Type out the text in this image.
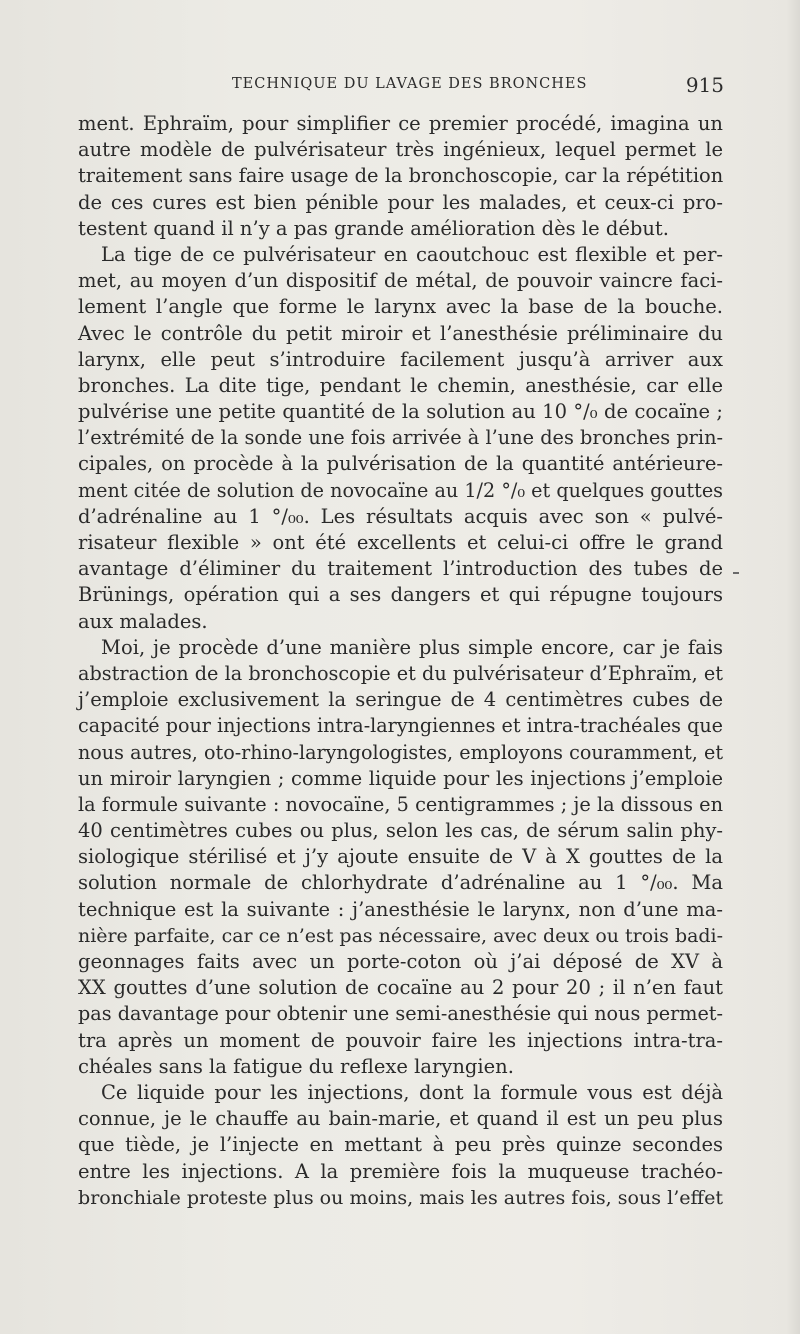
TECHNIQUE DU LAVAGE DES BRONCHES	915
ment. Ephraïm, pour simplifier ce premier procédé, imagina un
autre modèle de pulvérisateur très ingénieux, lequel permet le
traitement sans faire usage de la bronchoscopie, car la répétition
de ces cures est bien pénible pour les malades, et ceux-ci pro-
testent quand il n’y a pas grande amélioration dès le début.
La tige de ce pulvérisateur en caoutchouc est flexible et per-
met, au moyen d’un dispositif de métal, de pouvoir vaincre faci-
lement l’angle que forme le larynx avec la base de la bouche.
Avec le contrôle du petit miroir et l’anesthésie préliminaire du
larynx, elle peut s’introduire facilement jusqu’à arriver aux
bronches. La dite tige, pendant le chemin, anesthésie, car elle
pulvérise une petite quantité de la solution au 10 °/₀ de cocaïne ;
l’extrémité de la sonde une fois arrivée à l’une des bronches prin-
cipales, on procède à la pulvérisation de la quantité antérieure-
ment citée de solution de novocaïne au 1/2 °/₀ et quelques gouttes
d’adrénaline au 1 °/₀₀. Les résultats acquis avec son « pulvé-
risateur flexible » ont été excellents et celui-ci offre le grand
avantage d’éliminer du traitement l’introduction des tubes de
Brünings, opération qui a ses dangers et qui répugne toujours
aux malades.
Moi, je procède d’une manière plus simple encore, car je fais
abstraction de la bronchoscopie et du pulvérisateur d’Ephraïm, et
j’emploie exclusivement la seringue de 4 centimètres cubes de
capacité pour injections intra-laryngiennes et intra-trachéales que
nous autres, oto-rhino-laryngologistes, employons couramment, et
un miroir laryngien ; comme liquide pour les injections j’emploie
la formule suivante : novocaïne, 5 centigrammes ; je la dissous en
40 centimètres cubes ou plus, selon les cas, de sérum salin phy-
siologique stérilisé et j’y ajoute ensuite de V à X gouttes de la
solution normale de chlorhydrate d’adrénaline au 1 °/₀₀. Ma
technique est la suivante : j’anesthésie le larynx, non d’une ma-
nière parfaite, car ce n’est pas nécessaire, avec deux ou trois badi-
geonnages faits avec un porte-coton où j’ai déposé de XV à
XX gouttes d’une solution de cocaïne au 2 pour 20 ; il n’en faut
pas davantage pour obtenir une semi-anesthésie qui nous permet-
tra après un moment de pouvoir faire les injections intra-tra-
chéales sans la fatigue du reflexe laryngien.
Ce liquide pour les injections, dont la formule vous est déjà
connue, je le chauffe au bain-marie, et quand il est un peu plus
que tiède, je l’injecte en mettant à peu près quinze secondes
entre les injections. A la première fois la muqueuse trachéo-
bronchiale proteste plus ou moins, mais les autres fois, sous l’effet
